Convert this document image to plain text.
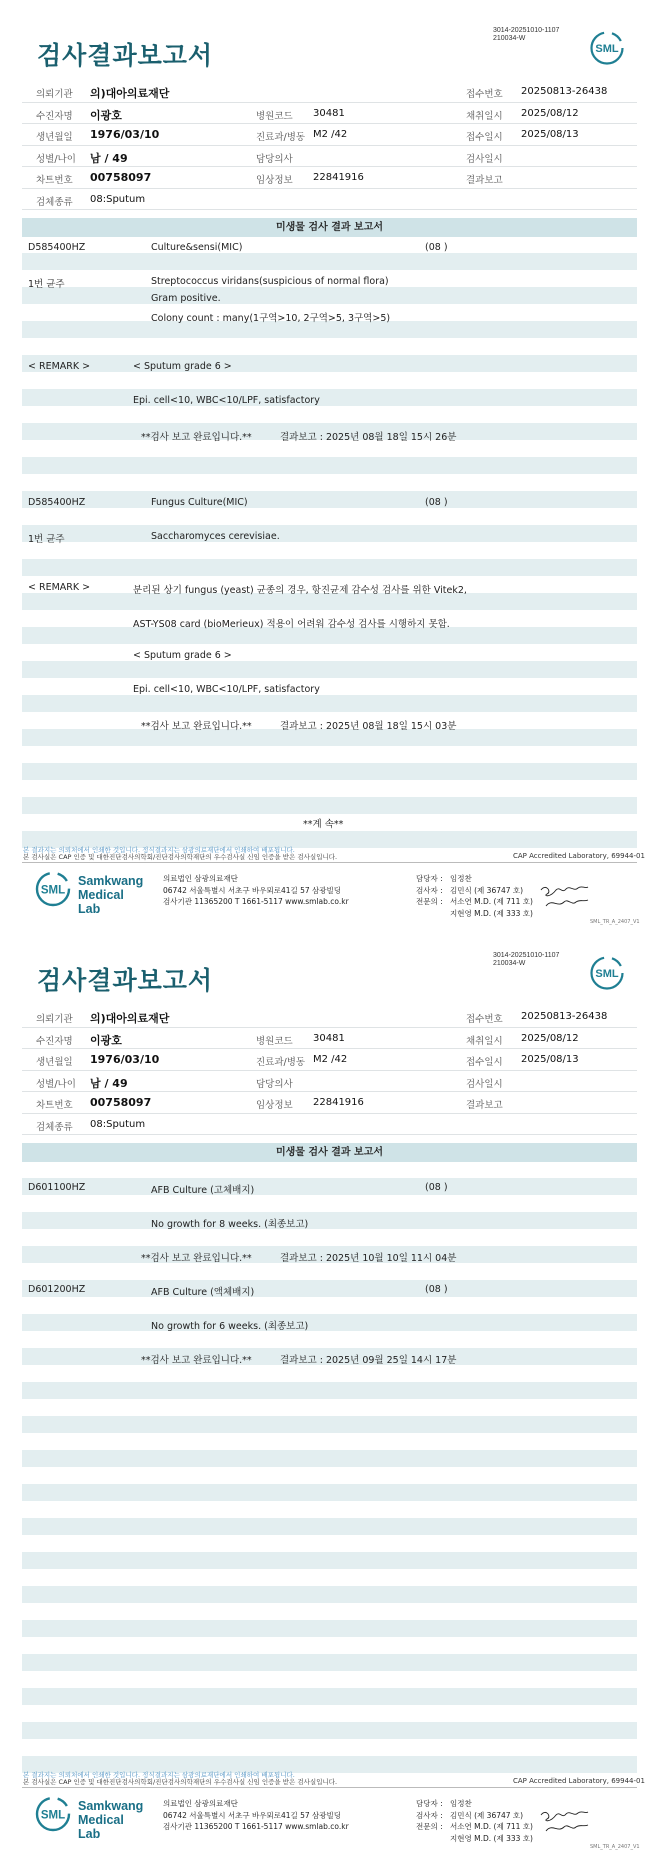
검사결과보고서
3014-20251010-1107
210034-W
SML
의뢰기관 의)대아의료재단	접수번호 20250813-26438
수진자명 이광호	병원코드 30481	채취일시 2025/08/12
생년월일 1976/03/10	진료과/병동 M2 /42	접수일시 2025/08/13
성별/나이 남 / 49	담당의사	검사일시
차트번호 00758097	임상정보 22841916	결과보고
검체종류 08:Sputum
미생물 검사 결과 보고서
D585400HZ	Culture&sensi(MIC)	(08 )
1번 균주	Streptococcus viridans(suspicious of normal flora)
Gram positive.
Colony count : many(1구역>10, 2구역>5, 3구역>5)
< REMARK >	< Sputum grade 6 >
Epi. cell<10, WBC<10/LPF, satisfactory
**검사 보고 완료입니다.**	결과보고 : 2025년 08월 18일 15시 26분
D585400HZ	Fungus Culture(MIC)	(08 )
1번 균주	Saccharomyces cerevisiae.
< REMARK >	분리된 상기 fungus (yeast) 균종의 경우, 항진균제 감수성 검사를 위한 Vitek2,
AST-YS08 card (bioMerieux) 적용이 어려워 감수성 검사를 시행하지 못함.
< Sputum grade 6 >
Epi. cell<10, WBC<10/LPF, satisfactory
**검사 보고 완료입니다.**	결과보고 : 2025년 08월 18일 15시 03분
**계 속**
본 결과지는 의뢰처에서 인쇄한 것입니다. 정식결과지는 삼광의료재단에서 인쇄하여 배포됩니다.
본 검사실은 CAP 인증 및 대한진단검사의학회/진단검사의학재단의 우수검사실 신임 인증을 받은 검사실입니다.	CAP Accredited Laboratory, 69944-01
SML
Samkwang
Medical Lab
의료법인 삼광의료재단
06742 서울특별시 서초구 바우뫼로41길 57 삼광빌딩
검사기관 11365200 T 1661-5117 www.smlab.co.kr
담당자 : 임정찬
검사자 : 김민식 (제 36747 호)
전문의 : 서소연 M.D. (제 711 호)
지현영 M.D. (제 333 호)
SML_TR_A_2407_V1
검사결과보고서
3014-20251010-1107
210034-W
SML
의뢰기관 의)대아의료재단	접수번호 20250813-26438
수진자명 이광호	병원코드 30481	채취일시 2025/08/12
생년월일 1976/03/10	진료과/병동 M2 /42	접수일시 2025/08/13
성별/나이 남 / 49	담당의사	검사일시
차트번호 00758097	임상정보 22841916	결과보고
검체종류 08:Sputum
미생물 검사 결과 보고서
D601100HZ	AFB Culture (고체배지)	(08 )
No growth for 8 weeks. (최종보고)
**검사 보고 완료입니다.**	결과보고 : 2025년 10월 10일 11시 04분
D601200HZ	AFB Culture (액체배지)	(08 )
No growth for 6 weeks. (최종보고)
**검사 보고 완료입니다.**	결과보고 : 2025년 09월 25일 14시 17분
본 결과지는 의뢰처에서 인쇄한 것입니다. 정식결과지는 삼광의료재단에서 인쇄하여 배포됩니다.
본 검사실은 CAP 인증 및 대한진단검사의학회/진단검사의학재단의 우수검사실 신임 인증을 받은 검사실입니다.	CAP Accredited Laboratory, 69944-01
SML
Samkwang
Medical Lab
의료법인 삼광의료재단
06742 서울특별시 서초구 바우뫼로41길 57 삼광빌딩
검사기관 11365200 T 1661-5117 www.smlab.co.kr
담당자 : 임정찬
검사자 : 김민식 (제 36747 호)
전문의 : 서소연 M.D. (제 711 호)
지현영 M.D. (제 333 호)
SML_TR_A_2407_V1
